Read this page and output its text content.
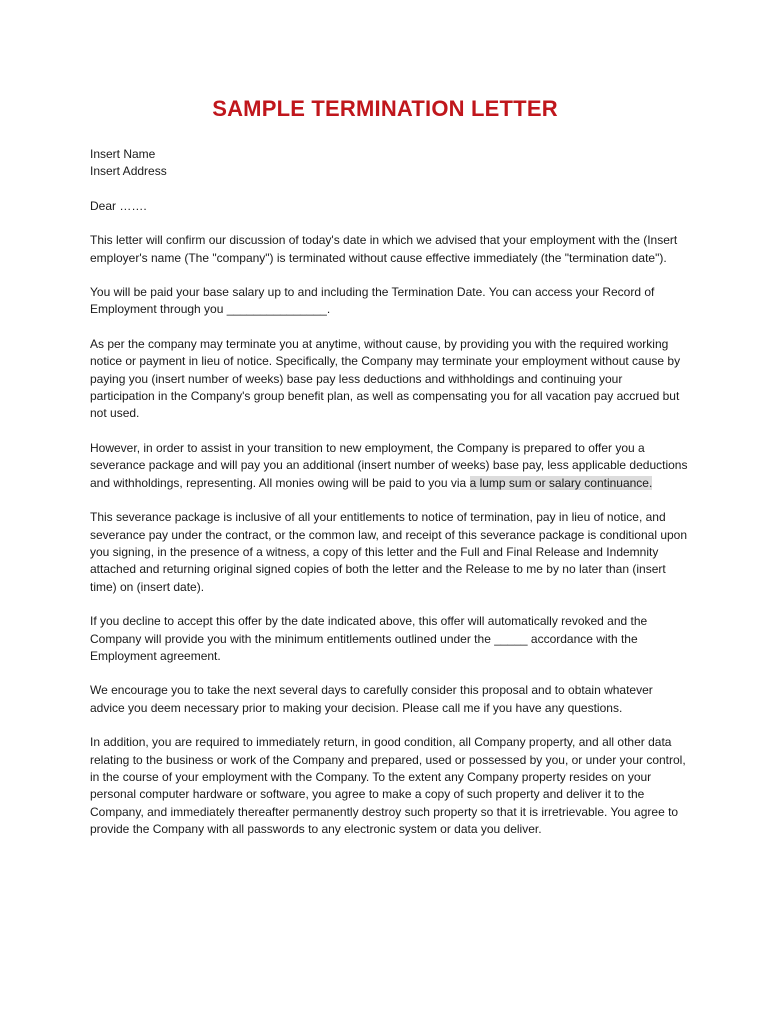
SAMPLE TERMINATION LETTER

Insert Name
Insert Address

Dear …….

This letter will confirm our discussion of today's date in which we advised that your employment with the (Insert employer's name (The "company") is terminated without cause effective immediately (the "termination date").

You will be paid your base salary up to and including the Termination Date. You can access your Record of Employment through you _______________.

As per the company may terminate you at anytime, without cause, by providing you with the required working notice or payment in lieu of notice. Specifically, the Company may terminate your employment without cause by paying you (insert number of weeks) base pay less deductions and withholdings and continuing your participation in the Company's group benefit plan, as well as compensating you for all vacation pay accrued but not used.

However, in order to assist in your transition to new employment, the Company is prepared to offer you a severance package and will pay you an additional (insert number of weeks) base pay, less applicable deductions and withholdings, representing. All monies owing will be paid to you via a lump sum or salary continuance.

This severance package is inclusive of all your entitlements to notice of termination, pay in lieu of notice, and severance pay under the contract, or the common law, and receipt of this severance package is conditional upon you signing, in the presence of a witness, a copy of this letter and the Full and Final Release and Indemnity attached and returning original signed copies of both the letter and the Release to me by no later than (insert time) on (insert date).

If you decline to accept this offer by the date indicated above, this offer will automatically revoked and the Company will provide you with the minimum entitlements outlined under the _____ accordance with the Employment agreement.

We encourage you to take the next several days to carefully consider this proposal and to obtain whatever advice you deem necessary prior to making your decision. Please call me if you have any questions.

In addition, you are required to immediately return, in good condition, all Company property, and all other data relating to the business or work of the Company and prepared, used or possessed by you, or under your control, in the course of your employment with the Company. To the extent any Company property resides on your personal computer hardware or software, you agree to make a copy of such property and deliver it to the Company, and immediately thereafter permanently destroy such property so that it is irretrievable. You agree to provide the Company with all passwords to any electronic system or data you deliver.
